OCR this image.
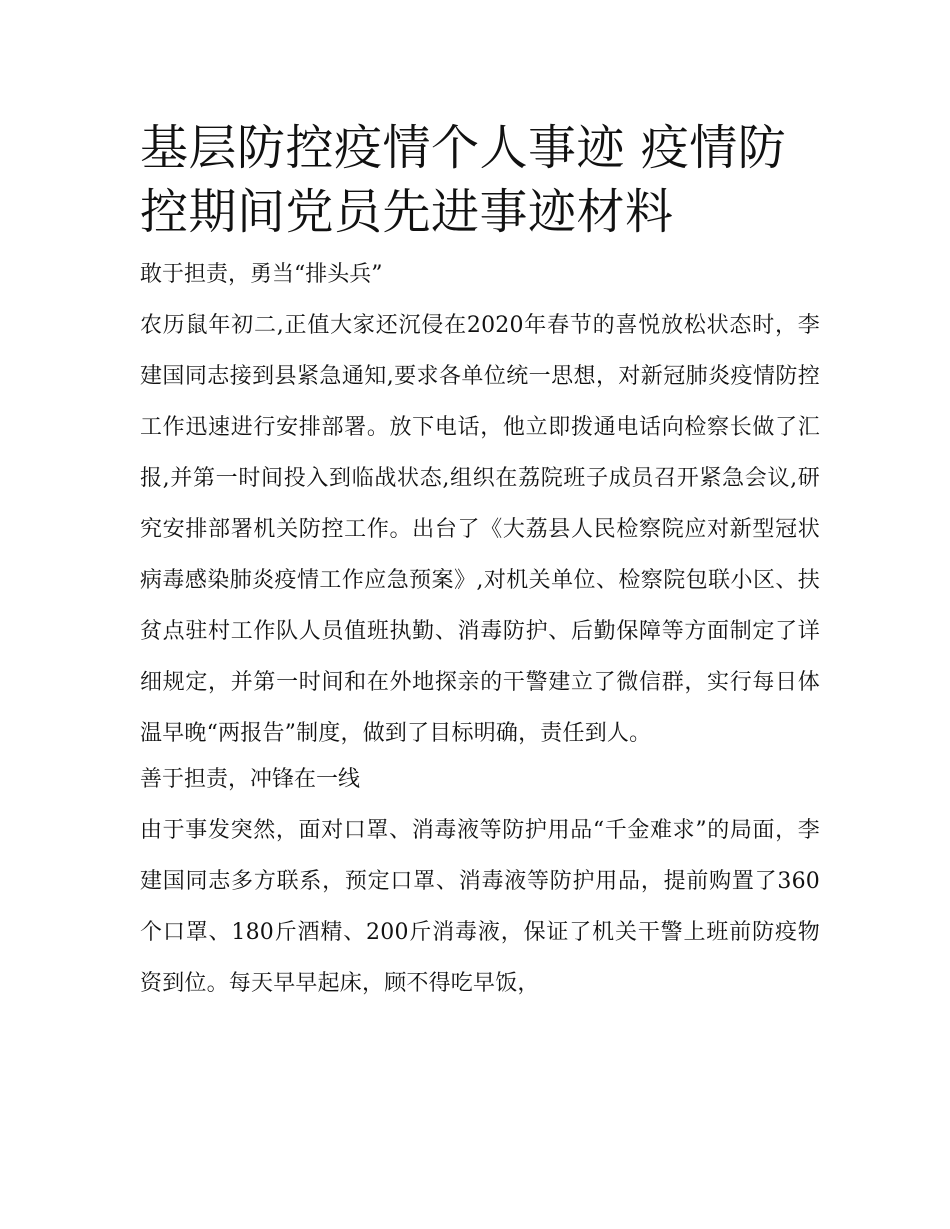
基层防控疫情个人事迹 疫情防控期间党员先进事迹材料
敢于担责，勇当“排头兵”

农历鼠年初二,正值大家还沉侵在2020年春节的喜悦放松状态时，李建国同志接到县紧急通知,要求各单位统一思想，对新冠肺炎疫情防控工作迅速进行安排部署。放下电话，他立即拨通电话向检察长做了汇报,并第一时间投入到临战状态,组织在荔院班子成员召开紧急会议,研究安排部署机关防控工作。出台了《大荔县人民检察院应对新型冠状病毒感染肺炎疫情工作应急预案》,对机关单位、检察院包联小区、扶贫点驻村工作队人员值班执勤、消毒防护、后勤保障等方面制定了详细规定，并第一时间和在外地探亲的干警建立了微信群，实行每日体温早晚“两报告”制度，做到了目标明确，责任到人。

善于担责，冲锋在一线

由于事发突然，面对口罩、消毒液等防护用品“千金难求”的局面，李建国同志多方联系，预定口罩、消毒液等防护用品，提前购置了360个口罩、180斤酒精、200斤消毒液，保证了机关干警上班前防疫物资到位。每天早早起床，顾不得吃早饭，
